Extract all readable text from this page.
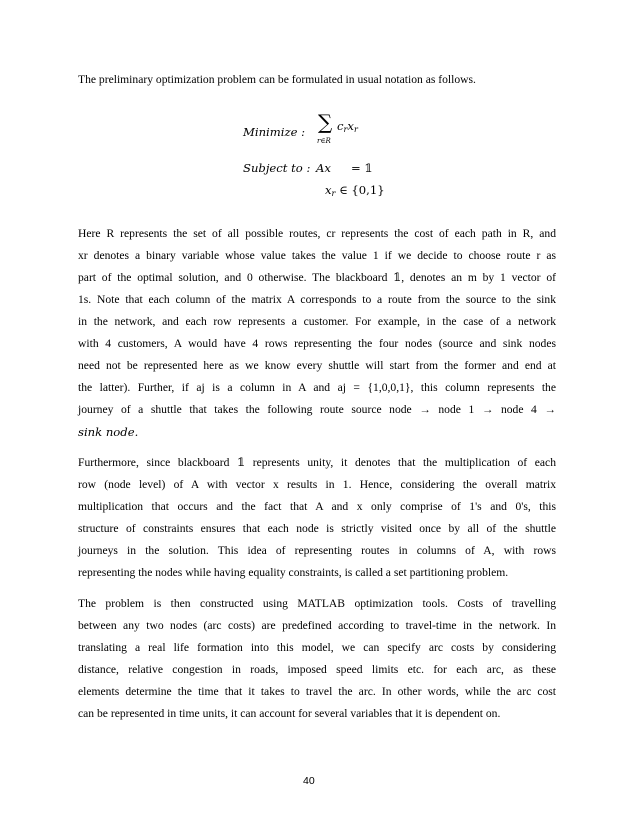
The preliminary optimization problem can be formulated in usual notation as follows.
Minimize : ∑
r∈R
$c_rx_r$
Subject to : Ax = 𝟙
$x_r$ ∈ {0,1}
Here R represents the set of all possible routes, cr represents the cost of each path in R, and
xr denotes a binary variable whose value takes the value 1 if we decide to choose route r as
part of the optimal solution, and 0 otherwise. The blackboard 𝟙, denotes an m by 1 vector of
1s. Note that each column of the matrix A corresponds to a route from the source to the sink
in the network, and each row represents a customer. For example, in the case of a network
with 4 customers, A would have 4 rows representing the four nodes (source and sink nodes
need not be represented here as we know every shuttle will start from the former and end at
the latter). Further, if aj is a column in A and aj = {1,0,0,1}, this column represents the
journey of a shuttle that takes the following route source node → node 1 → node 4 →
sink node.
Furthermore, since blackboard 𝟙 represents unity, it denotes that the multiplication of each
row (node level) of A with vector x results in 1. Hence, considering the overall matrix
multiplication that occurs and the fact that A and x only comprise of 1's and 0's, this
structure of constraints ensures that each node is strictly visited once by all of the shuttle
journeys in the solution. This idea of representing routes in columns of A, with rows
representing the nodes while having equality constraints, is called a set partitioning problem.
The problem is then constructed using MATLAB optimization tools. Costs of travelling
between any two nodes (arc costs) are predefined according to travel-time in the network. In
translating a real life formation into this model, we can specify arc costs by considering
distance, relative congestion in roads, imposed speed limits etc. for each arc, as these
elements determine the time that it takes to travel the arc. In other words, while the arc cost
can be represented in time units, it can account for several variables that it is dependent on.
40
